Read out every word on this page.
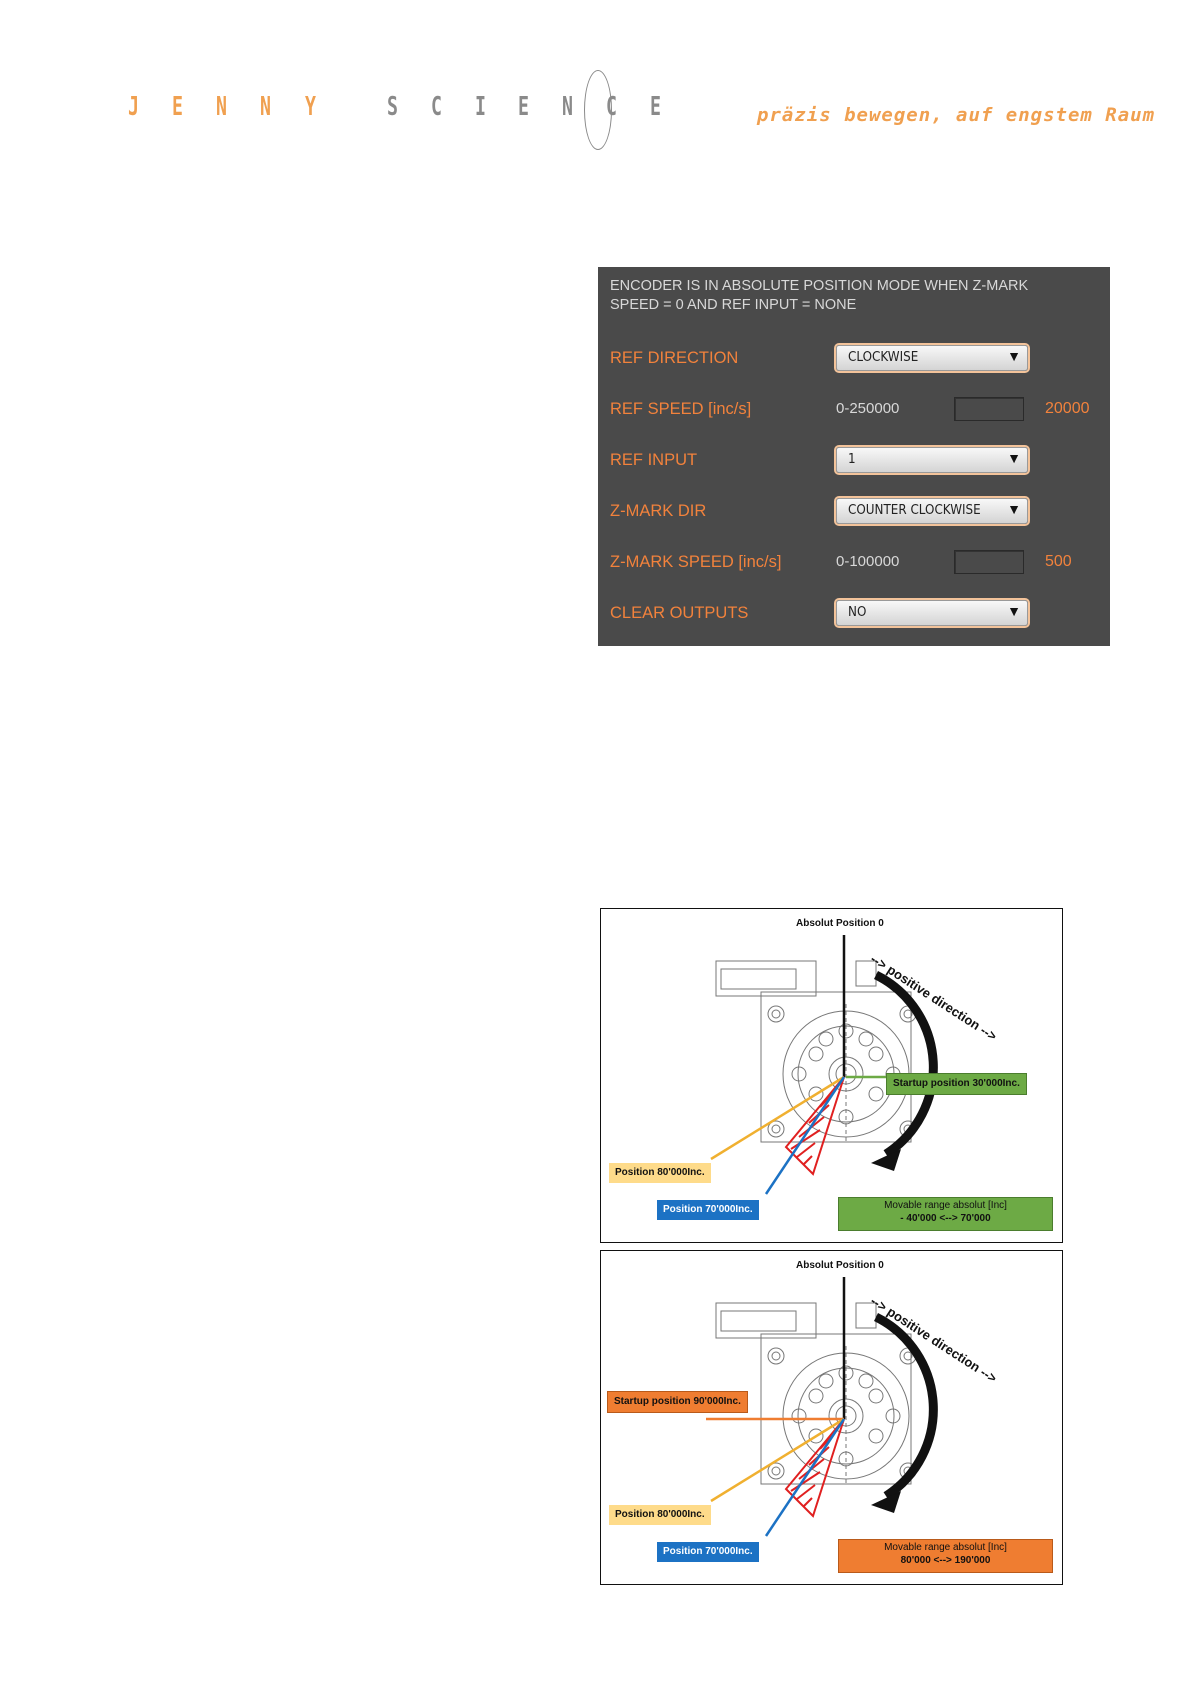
J E N N Y	S C I E N C E	präzis bewegen, auf engstem Raum
ENCODER IS IN ABSOLUTE POSITION MODE WHEN Z-MARK SPEED = 0 AND REF INPUT = NONE
REF DIRECTION	CLOCKWISE	▼
REF SPEED [inc/s]	0-250000	20000
REF INPUT	1	▼
Z-MARK DIR	COUNTER CLOCKWISE ▼
Z-MARK SPEED [inc/s]	0-100000	500
CLEAR OUTPUTS	NO	▼
Absolut Position 0
--> positive direction -->
Startup position 30'000Inc.
Position 80'000Inc.
Position 70'000Inc.	Movable range absolut [Inc]
- 40'000 <--> 70'000
Absolut Position 0
--> positive direction -->
Startup position 90'000Inc.
Position 80'000Inc.
Position 70'000Inc.	Movable range absolut [Inc]
80'000 <--> 190'000
